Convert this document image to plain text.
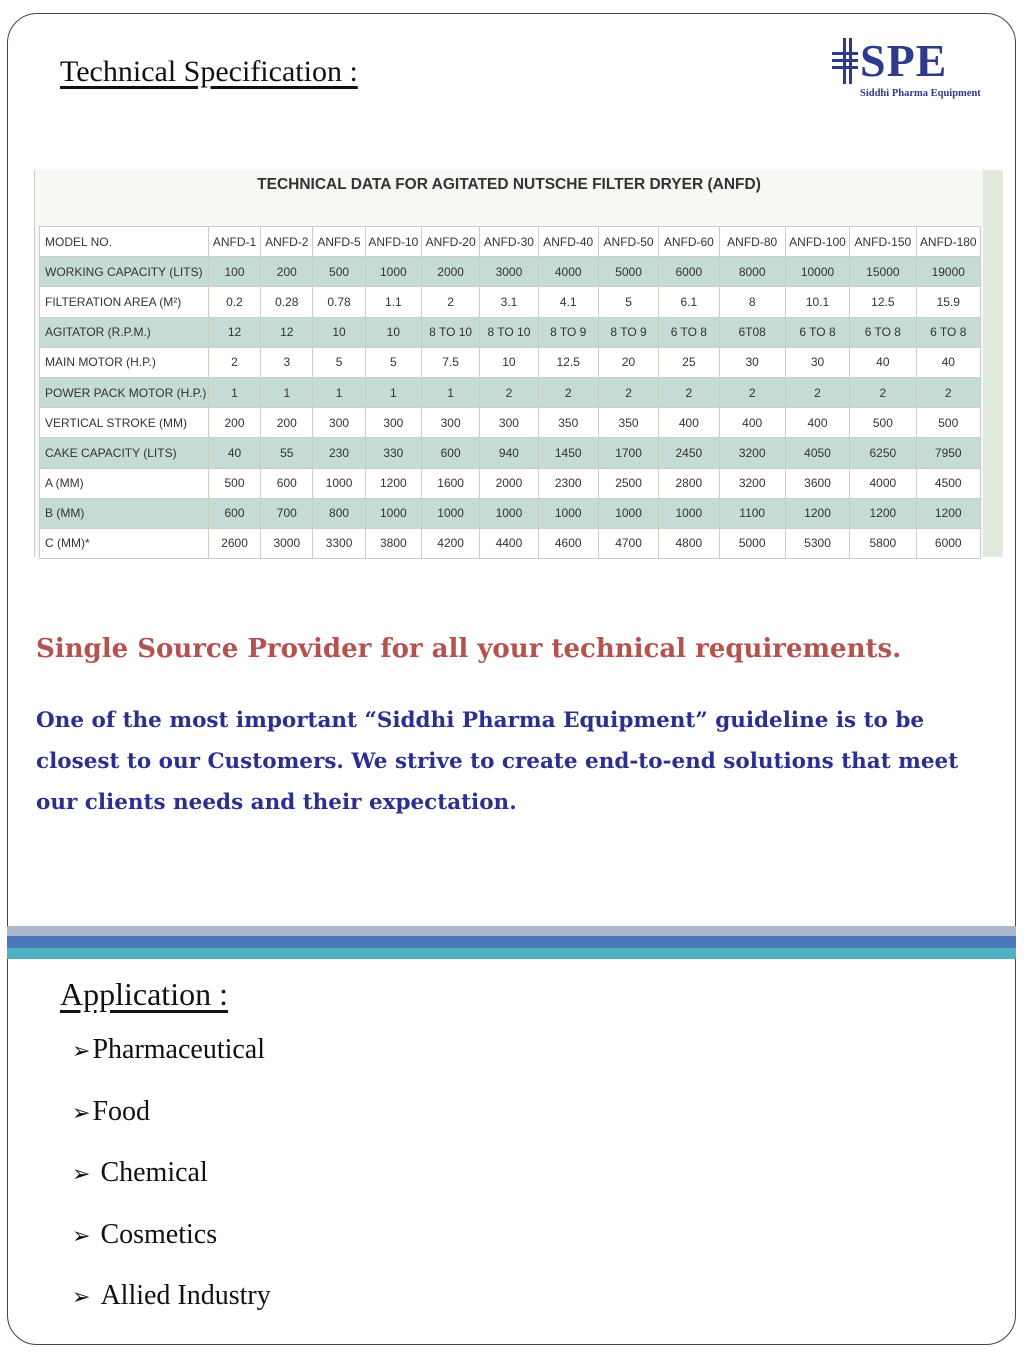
Technical Specification :	SPE
Siddhi Pharma Equipment
TECHNICAL DATA FOR AGITATED NUTSCHE FILTER DRYER (ANFD)
MODEL NO.	ANFD-1	ANFD-2	ANFD-5	ANFD-10	ANFD-20	ANFD-30	ANFD-40	ANFD-50	ANFD-60	ANFD-80	ANFD-100	ANFD-150	ANFD-180
WORKING CAPACITY (LITS)	100	200	500	1000	2000	3000	4000	5000	6000	8000	10000	15000	19000
FILTERATION AREA (M²)	0.2	0.28	0.78	1.1	2	3.1	4.1	5	6.1	8	10.1	12.5	15.9
AGITATOR (R.P.M.)	12	12	10	10	8 TO 10	8 TO 10	8 TO 9	8 TO 9	6 TO 8	6T08	6 TO 8	6 TO 8	6 TO 8
MAIN MOTOR (H.P.)	2	3	5	5	7.5	10	12.5	20	25	30	30	40	40
POWER PACK MOTOR (H.P.)	1	1	1	1	1	2	2	2	2	2	2	2	2
VERTICAL STROKE (MM)	200	200	300	300	300	300	350	350	400	400	400	500	500
CAKE CAPACITY (LITS)	40	55	230	330	600	940	1450	1700	2450	3200	4050	6250	7950
A (MM)	500	600	1000	1200	1600	2000	2300	2500	2800	3200	3600	4000	4500
B (MM)	600	700	800	1000	1000	1000	1000	1000	1000	1100	1200	1200	1200
C (MM)*	2600	3000	3300	3800	4200	4400	4600	4700	4800	5000	5300	5800	6000

Single Source Provider for all your technical requirements.

One of the most important “Siddhi Pharma Equipment” guideline is to be closest to our Customers. We strive to create end-to-end solutions that meet our clients needs and their expectation.

Application :
➢ Pharmaceutical
➢ Food
➢ Chemical
➢ Cosmetics
➢ Allied Industry
